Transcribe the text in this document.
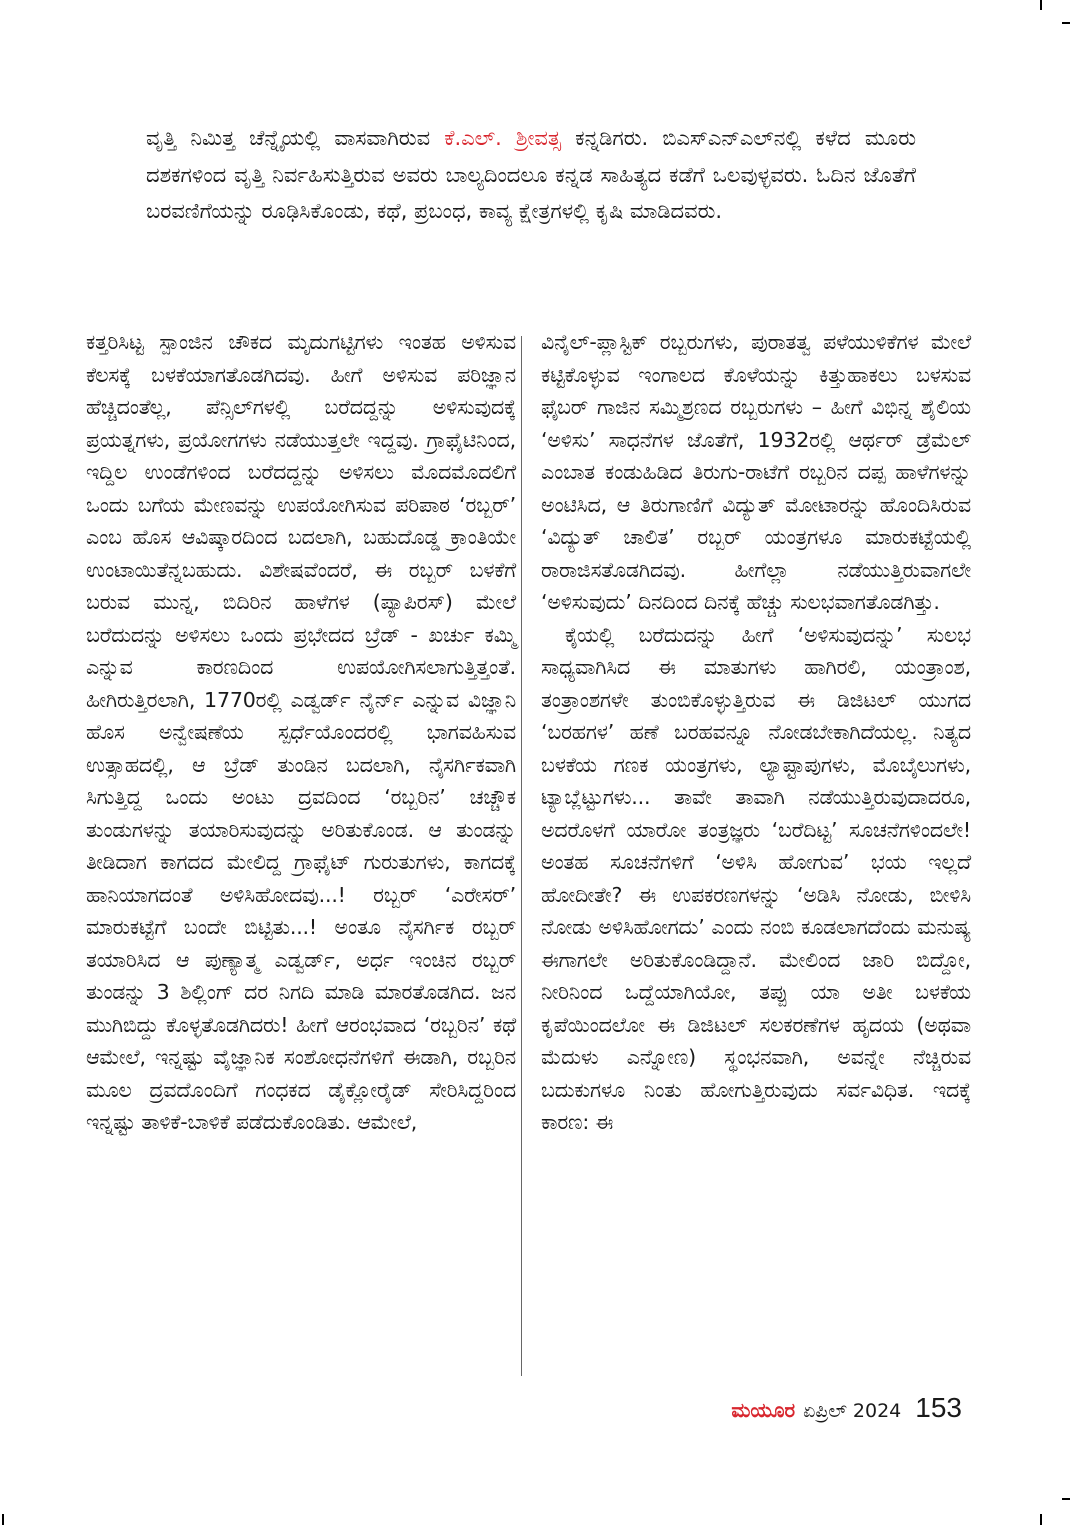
ವೃತ್ತಿ ನಿಮಿತ್ತ ಚೆನ್ನೈಯಲ್ಲಿ ವಾಸವಾಗಿರುವ ಕೆ.ಎಲ್. ಶ್ರೀವತ್ಸ ಕನ್ನಡಿಗರು. ಬಿಎಸ್‌ಎನ್‌ಎಲ್‌ನಲ್ಲಿ ಕಳೆದ ಮೂರು ದಶಕಗಳಿಂದ ವೃತ್ತಿ ನಿರ್ವಹಿಸುತ್ತಿರುವ ಅವರು ಬಾಲ್ಯದಿಂದಲೂ ಕನ್ನಡ ಸಾಹಿತ್ಯದ ಕಡೆಗೆ ಒಲವುಳ್ಳವರು. ಓದಿನ ಜೊತೆಗೆ ಬರವಣಿಗೆಯನ್ನು ರೂಢಿಸಿಕೊಂಡು, ಕಥೆ, ಪ್ರಬಂಧ, ಕಾವ್ಯ ಕ್ಷೇತ್ರಗಳಲ್ಲಿ ಕೃಷಿ ಮಾಡಿದವರು.

ಕತ್ತರಿಸಿಟ್ಟ ಸ್ಪಾಂಜಿನ ಚೌಕದ ಮೃದುಗಟ್ಟಿಗಳು ಇಂತಹ ಅಳಿಸುವ ಕೆಲಸಕ್ಕೆ ಬಳಕೆಯಾಗತೊಡಗಿದವು. ಹೀಗೆ ಅಳಿಸುವ ಪರಿಜ್ಞಾನ ಹೆಚ್ಚಿದಂತೆಲ್ಲ, ಪೆನ್ಸಿಲ್‌ಗಳಲ್ಲಿ ಬರೆದದ್ದನ್ನು ಅಳಿಸುವುದಕ್ಕೆ ಪ್ರಯತ್ನಗಳು, ಪ್ರಯೋಗಗಳು ನಡೆಯುತ್ತಲೇ ಇದ್ದವು. ಗ್ರಾಫೈಟಿನಿಂದ, ಇದ್ದಿಲ ಉಂಡೆಗಳಿಂದ ಬರೆದದ್ದನ್ನು ಅಳಿಸಲು ಮೊದಮೊದಲಿಗೆ ಒಂದು ಬಗೆಯ ಮೇಣವನ್ನು ಉಪಯೋಗಿಸುವ ಪರಿಪಾಠ ‘ರಬ್ಬರ್’ ಎಂಬ ಹೊಸ ಆವಿಷ್ಕಾರದಿಂದ ಬದಲಾಗಿ, ಬಹುದೊಡ್ಡ ಕ್ರಾಂತಿಯೇ ಉಂಟಾಯಿತೆನ್ನಬಹುದು. ವಿಶೇಷವೆಂದರೆ, ಈ ರಬ್ಬರ್ ಬಳಕೆಗೆ ಬರುವ ಮುನ್ನ, ಬಿದಿರಿನ ಹಾಳೆಗಳ (ಪ್ಯಾಪಿರಸ್) ಮೇಲೆ ಬರೆದುದನ್ನು ಅಳಿಸಲು ಒಂದು ಪ್ರಭೇದದ ಬ್ರೆಡ್ - ಖರ್ಚು ಕಮ್ಮಿ ಎನ್ನುವ ಕಾರಣದಿಂದ ಉಪಯೋಗಿಸಲಾಗುತ್ತಿತ್ತಂತೆ. ಹೀಗಿರುತ್ತಿರಲಾಗಿ, 1770ರಲ್ಲಿ ಎಡ್ವರ್ಡ್ ನೈರ್ನ್ ಎನ್ನುವ ವಿಜ್ಞಾನಿ ಹೊಸ ಅನ್ವೇಷಣೆಯ ಸ್ಪರ್ಧೆಯೊಂದರಲ್ಲಿ ಭಾಗವಹಿಸುವ ಉತ್ಸಾಹದಲ್ಲಿ, ಆ ಬ್ರೆಡ್ ತುಂಡಿನ ಬದಲಾಗಿ, ನೈಸರ್ಗಿಕವಾಗಿ ಸಿಗುತ್ತಿದ್ದ ಒಂದು ಅಂಟು ದ್ರವದಿಂದ ‘ರಬ್ಬರಿನ’ ಚಚ್ಚೌಕ ತುಂಡುಗಳನ್ನು ತಯಾರಿಸುವುದನ್ನು ಅರಿತುಕೊಂಡ. ಆ ತುಂಡನ್ನು ತೀಡಿದಾಗ ಕಾಗದದ ಮೇಲಿದ್ದ ಗ್ರಾಫೈಟ್ ಗುರುತುಗಳು, ಕಾಗದಕ್ಕೆ ಹಾನಿಯಾಗದಂತೆ ಅಳಿಸಿಹೋದವು...! ರಬ್ಬರ್ ‘ಎರೇಸರ್’ ಮಾರುಕಟ್ಟೆಗೆ ಬಂದೇ ಬಿಟ್ಟಿತು...! ಅಂತೂ ನೈಸರ್ಗಿಕ ರಬ್ಬರ್ ತಯಾರಿಸಿದ ಆ ಪುಣ್ಯಾತ್ಮ ಎಡ್ವರ್ಡ್, ಅರ್ಧ ಇಂಚಿನ ರಬ್ಬರ್ ತುಂಡನ್ನು 3 ಶಿಲ್ಲಿಂಗ್ ದರ ನಿಗದಿ ಮಾಡಿ ಮಾರತೊಡಗಿದ. ಜನ ಮುಗಿಬಿದ್ದು ಕೊಳ್ಳತೊಡಗಿದರು! ಹೀಗೆ ಆರಂಭವಾದ ‘ರಬ್ಬರಿನ’ ಕಥೆ ಆಮೇಲೆ, ಇನ್ನಷ್ಟು ವೈಜ್ಞಾನಿಕ ಸಂಶೋಧನೆಗಳಿಗೆ ಈಡಾಗಿ, ರಬ್ಬರಿನ ಮೂಲ ದ್ರವದೊಂದಿಗೆ ಗಂಧಕದ ಡೈಕ್ಲೋರೈಡ್ ಸೇರಿಸಿದ್ದರಿಂದ ಇನ್ನಷ್ಟು ತಾಳಿಕೆ-ಬಾಳಿಕೆ ಪಡೆದುಕೊಂಡಿತು. ಆಮೇಲೆ,

ವಿನೈಲ್-ಪ್ಲಾಸ್ಟಿಕ್ ರಬ್ಬರುಗಳು, ಪುರಾತತ್ವ ಪಳೆಯುಳಿಕೆಗಳ ಮೇಲೆ ಕಟ್ಟಿಕೊಳ್ಳುವ ಇಂಗಾಲದ ಕೊಳೆಯನ್ನು ಕಿತ್ತುಹಾಕಲು ಬಳಸುವ ಫೈಬರ್ ಗಾಜಿನ ಸಮ್ಮಿಶ್ರಣದ ರಬ್ಬರುಗಳು – ಹೀಗೆ ವಿಭಿನ್ನ ಶೈಲಿಯ ‘ಅಳಿಸು’ ಸಾಧನೆಗಳ ಜೊತೆಗೆ, 1932ರಲ್ಲಿ ಆರ್ಥರ್ ಡ್ರೆಮೆಲ್ ಎಂಬಾತ ಕಂಡುಹಿಡಿದ ತಿರುಗು-ರಾಟೆಗೆ ರಬ್ಬರಿನ ದಪ್ಪ ಹಾಳೆಗಳನ್ನು ಅಂಟಿಸಿದ, ಆ ತಿರುಗಾಣಿಗೆ ವಿದ್ಯುತ್ ಮೋಟಾರನ್ನು ಹೊಂದಿಸಿರುವ ‘ವಿದ್ಯುತ್ ಚಾಲಿತ’ ರಬ್ಬರ್ ಯಂತ್ರಗಳೂ ಮಾರುಕಟ್ಟೆಯಲ್ಲಿ ರಾರಾಜಿಸತೊಡಗಿದವು. ಹೀಗೆಲ್ಲಾ ನಡೆಯುತ್ತಿರುವಾಗಲೇ ‘ಅಳಿಸುವುದು’ ದಿನದಿಂದ ದಿನಕ್ಕೆ ಹೆಚ್ಚು ಸುಲಭವಾಗತೊಡಗಿತ್ತು.

ಕೈಯಲ್ಲಿ ಬರೆದುದನ್ನು ಹೀಗೆ ‘ಅಳಿಸುವುದನ್ನು’ ಸುಲಭ ಸಾಧ್ಯವಾಗಿಸಿದ ಈ ಮಾತುಗಳು ಹಾಗಿರಲಿ, ಯಂತ್ರಾಂಶ, ತಂತ್ರಾಂಶಗಳೇ ತುಂಬಿಕೊಳ್ಳುತ್ತಿರುವ ಈ ಡಿಜಿಟಲ್ ಯುಗದ ‘ಬರಹಗಳ’ ಹಣೆ ಬರಹವನ್ನೂ ನೋಡಬೇಕಾಗಿದೆಯಲ್ಲ. ನಿತ್ಯದ ಬಳಕೆಯ ಗಣಕ ಯಂತ್ರಗಳು, ಲ್ಯಾಪ್ಟಾಪುಗಳು, ಮೊಬೈಲುಗಳು, ಟ್ಯಾಬ್ಲೆಟ್ಟುಗಳು... ತಾವೇ ತಾವಾಗಿ ನಡೆಯುತ್ತಿರುವುದಾದರೂ, ಅದರೊಳಗೆ ಯಾರೋ ತಂತ್ರಜ್ಞರು ‘ಬರೆದಿಟ್ಟ’ ಸೂಚನೆಗಳಿಂದಲೇ! ಅಂತಹ ಸೂಚನೆಗಳಿಗೆ ‘ಅಳಿಸಿ ಹೋಗುವ’ ಭಯ ಇಲ್ಲದೆ ಹೋದೀತೇ? ಈ ಉಪಕರಣಗಳನ್ನು ‘ಅಡಿಸಿ ನೋಡು, ಬೀಳಿಸಿ ನೋಡು ಅಳಿಸಿಹೋಗದು’ ಎಂದು ನಂಬಿ ಕೂಡಲಾಗದೆಂದು ಮನುಷ್ಯ ಈಗಾಗಲೇ ಅರಿತುಕೊಂಡಿದ್ದಾನೆ. ಮೇಲಿಂದ ಜಾರಿ ಬಿದ್ದೋ, ನೀರಿನಿಂದ ಒದ್ದೆಯಾಗಿಯೋ, ತಪ್ಪು ಯಾ ಅತೀ ಬಳಕೆಯ ಕೃಪೆಯಿಂದಲೋ ಈ ಡಿಜಿಟಲ್ ಸಲಕರಣೆಗಳ ಹೃದಯ (ಅಥವಾ ಮೆದುಳು ಎನ್ನೋಣ) ಸ್ಥಂಭನವಾಗಿ, ಅವನ್ನೇ ನೆಚ್ಚಿರುವ ಬದುಕುಗಳೂ ನಿಂತು ಹೋಗುತ್ತಿರುವುದು ಸರ್ವವಿಧಿತ. ಇದಕ್ಕೆ ಕಾರಣ: ಈ

ಮಯೂರ ಏಪ್ರಿಲ್ 2024 153
